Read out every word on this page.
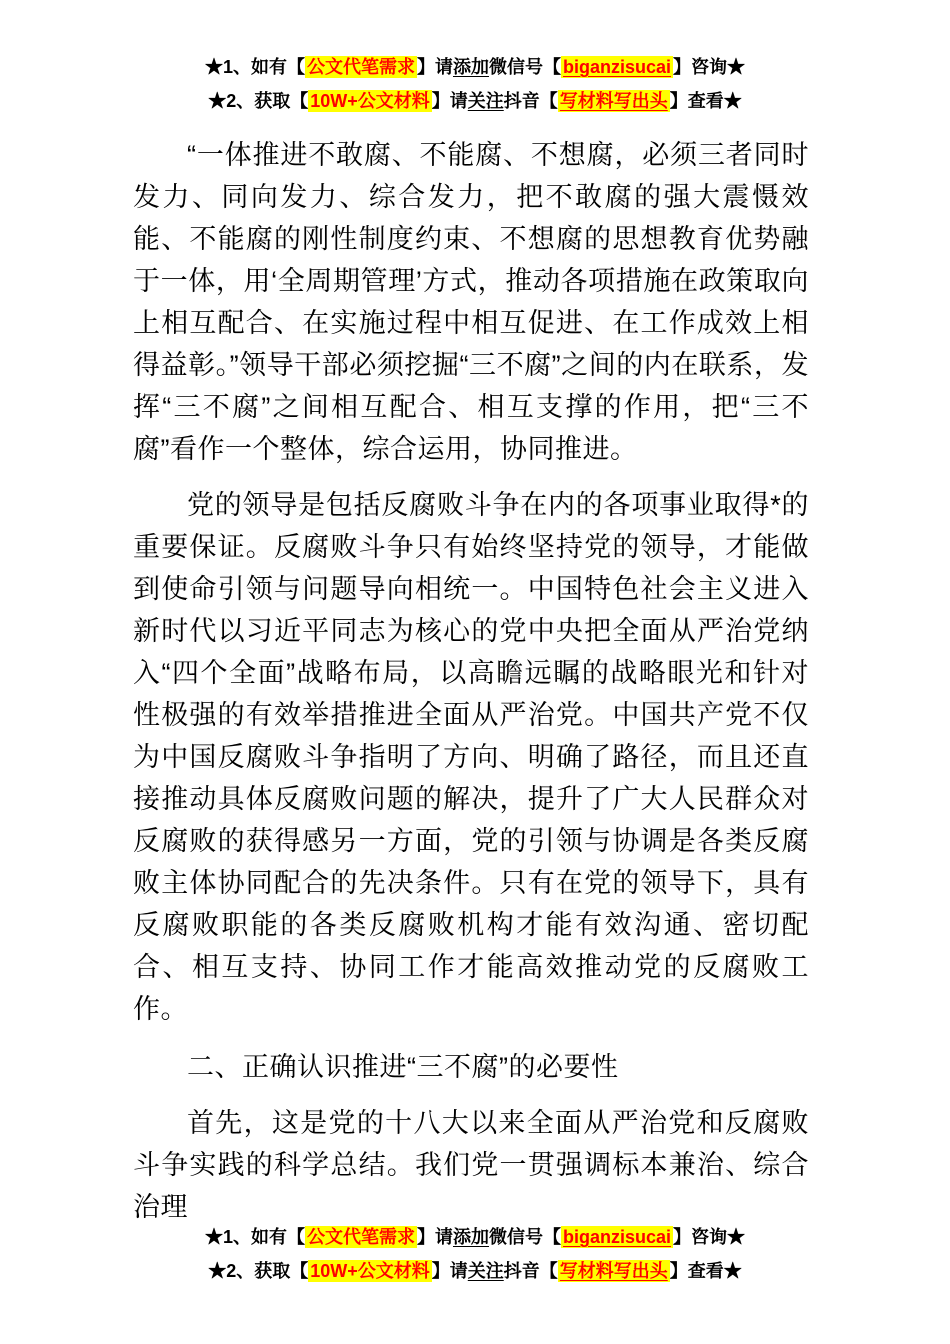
★1、如有【 公文代笔需求 】请添加微信号【 biganzisucai 】咨询★
★2、获取【 10W+公文材料 】请关注抖音【 写材料写出头 】查看★

“一体推进不敢腐、不能腐、不想腐，必须三者同时发力、同向发力、综合发力，把不敢腐的强大震慑效能、不能腐的刚性制度约束、不想腐的思想教育优势融于一体，用‘全周期管理’方式，推动各项措施在政策取向上相互配合、在实施过程中相互促进、在工作成效上相得益彰。”领导干部必须挖掘“三不腐”之间的内在联系，发挥“三不腐”之间相互配合、相互支撑的作用，把“三不腐”看作一个整体，综合运用，协同推进。

党的领导是包括反腐败斗争在内的各项事业取得*的重要保证。反腐败斗争只有始终坚持党的领导，才能做到使命引领与问题导向相统一。中国特色社会主义进入新时代以习近平同志为核心的党中央把全面从严治党纳入“四个全面”战略布局，以高瞻远瞩的战略眼光和针对性极强的有效举措推进全面从严治党。中国共产党不仅为中国反腐败斗争指明了方向、明确了路径，而且还直接推动具体反腐败问题的解决，提升了广大人民群众对反腐败的获得感另一方面，党的引领与协调是各类反腐败主体协同配合的先决条件。只有在党的领导下，具有反腐败职能的各类反腐败机构才能有效沟通、密切配合、相互支持、协同工作才能高效推动党的反腐败工作。

二、正确认识推进“三不腐”的必要性

首先，这是党的十八大以来全面从严治党和反腐败斗争实践的科学总结。我们党一贯强调标本兼治、综合治理

★1、如有【 公文代笔需求 】请添加微信号【 biganzisucai 】咨询★
★2、获取【 10W+公文材料 】请关注抖音【 写材料写出头 】查看★
